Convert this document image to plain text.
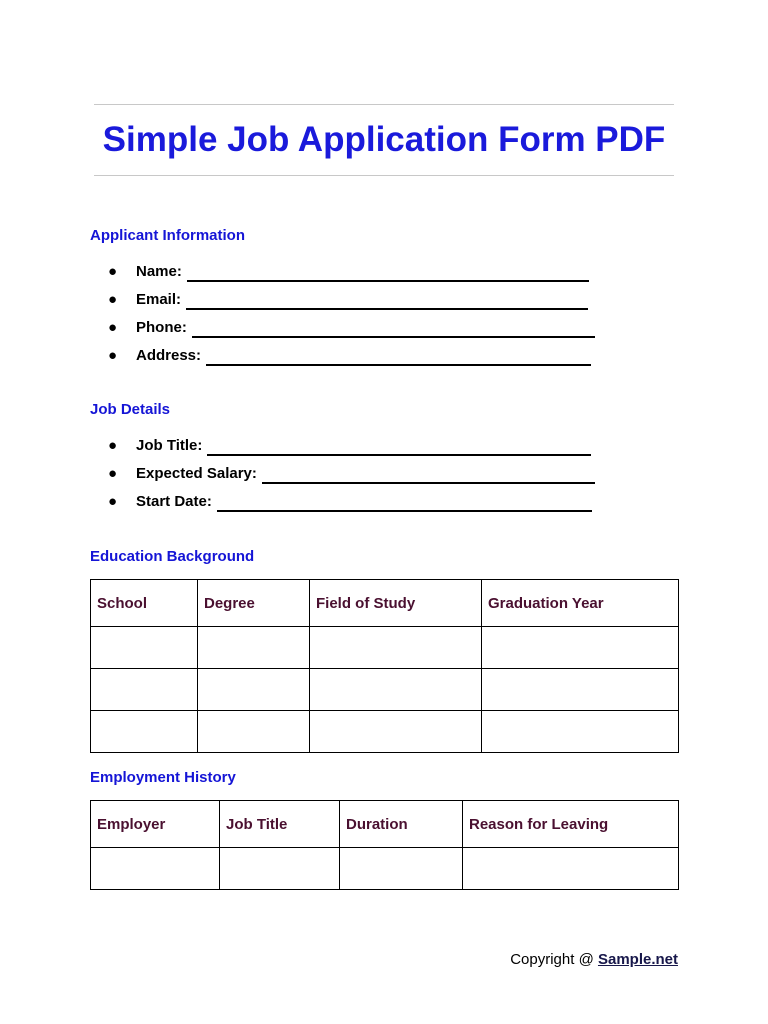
Simple Job Application Form PDF
Applicant Information
● Name:
● Email:
● Phone:
● Address:
Job Details
● Job Title:
● Expected Salary:
● Start Date:
Education Background
School	Degree	Field of Study	Graduation Year

Employment History
Employer	Job Title	Duration	Reason for Leaving

Copyright @ Sample.net
